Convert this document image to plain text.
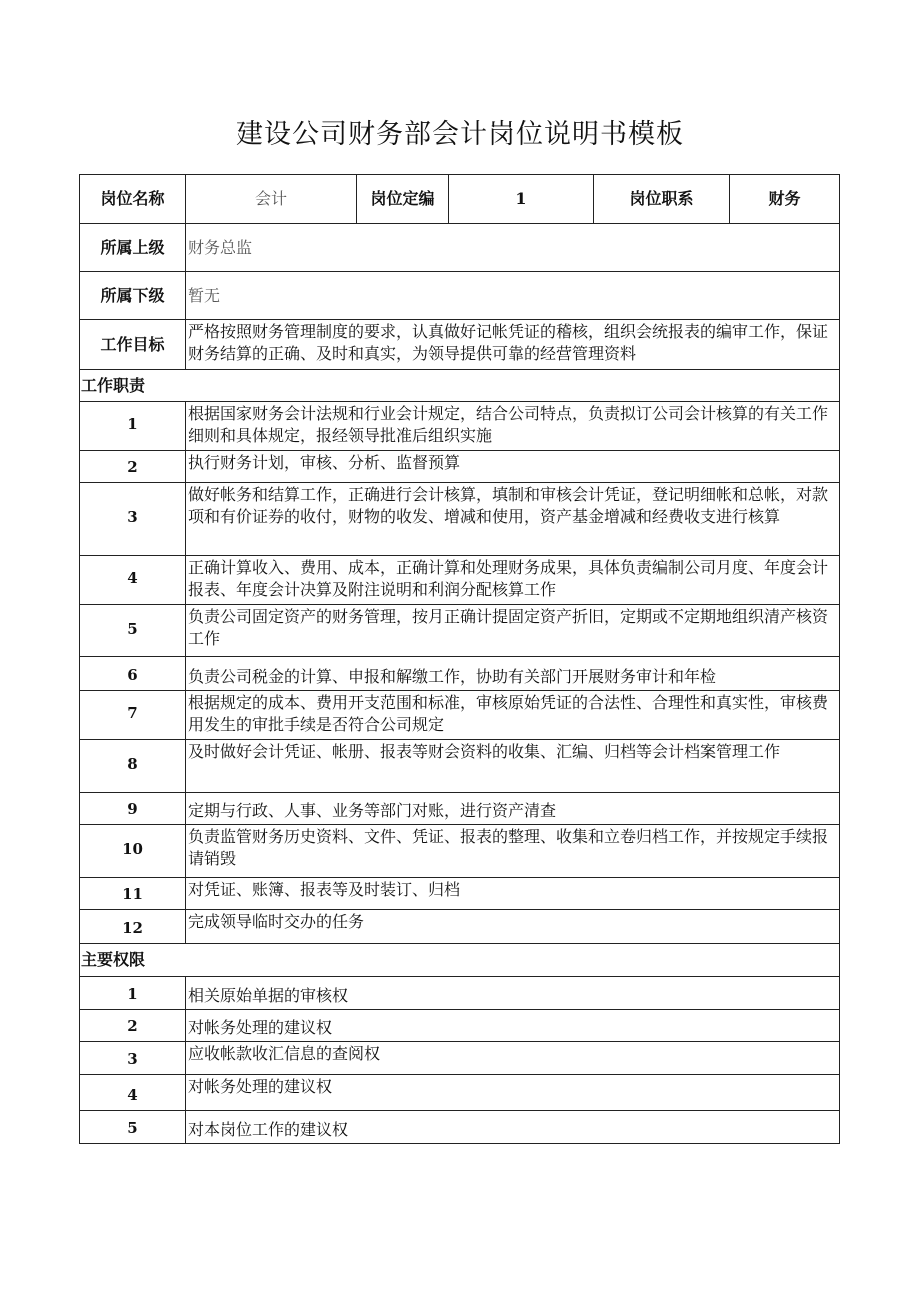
建设公司财务部会计岗位说明书模板
岗位名称	会计	岗位定编	1	岗位职系	财务
所属上级	财务总监				
所属下级	暂无				
工作目标	严格按照财务管理制度的要求，认真做好记帐凭证的稽核，组织会统报表的编审工作，保证财务结算的正确、及时和真实，为领导提供可靠的经营管理资料				
工作职责					
1	根据国家财务会计法规和行业会计规定，结合公司特点，负责拟订公司会计核算的有关工作细则和具体规定，报经领导批准后组织实施				
2	执行财务计划，审核、分析、监督预算				
3	做好帐务和结算工作，正确进行会计核算，填制和审核会计凭证，登记明细帐和总帐，对款项和有价证券的收付，财物的收发、增减和使用，资产基金增减和经费收支进行核算				
4	正确计算收入、费用、成本，正确计算和处理财务成果，具体负责编制公司月度、年度会计报表、年度会计决算及附注说明和利润分配核算工作				
5	负责公司固定资产的财务管理，按月正确计提固定资产折旧，定期或不定期地组织清产核资工作				
6	负责公司税金的计算、申报和解缴工作，协助有关部门开展财务审计和年检				
7	根据规定的成本、费用开支范围和标准，审核原始凭证的合法性、合理性和真实性，审核费用发生的审批手续是否符合公司规定				
8	及时做好会计凭证、帐册、报表等财会资料的收集、汇编、归档等会计档案管理工作				
9	定期与行政、人事、业务等部门对账，进行资产清查				
10	负责监管财务历史资料、文件、凭证、报表的整理、收集和立卷归档工作，并按规定手续报请销毁				
11	对凭证、账簿、报表等及时装订、归档				
12	完成领导临时交办的任务				
主要权限					
1	相关原始单据的审核权				
2	对帐务处理的建议权				
3	应收帐款收汇信息的查阅权				
4	对帐务处理的建议权				
5	对本岗位工作的建议权				
